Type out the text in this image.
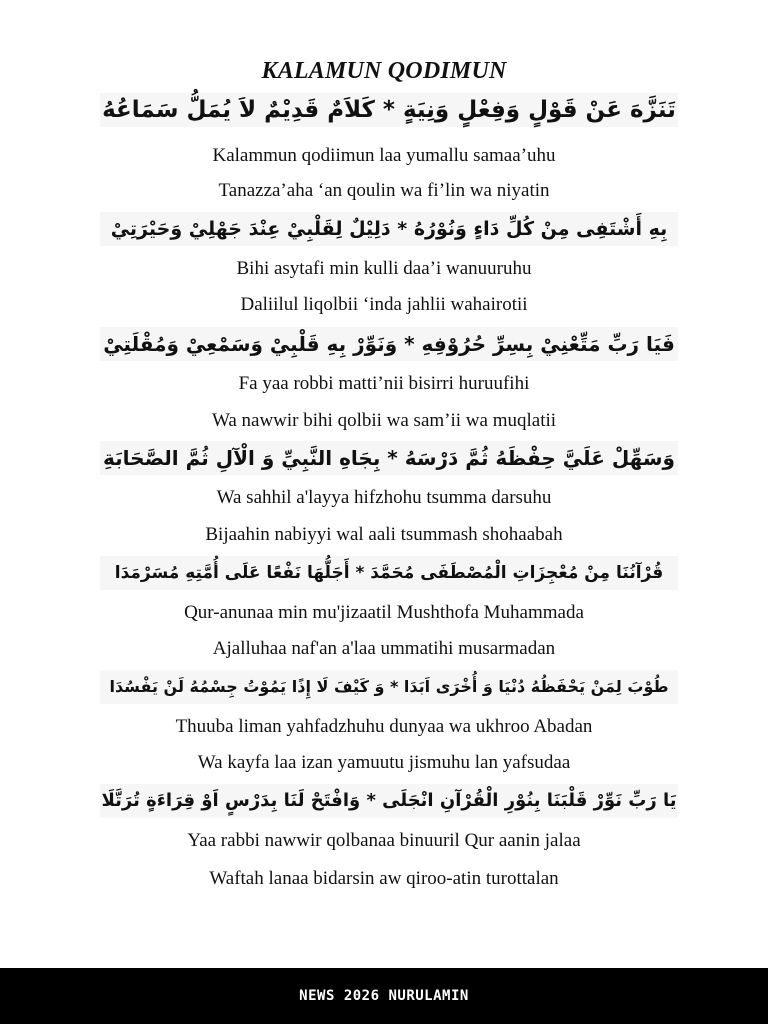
KALAMUN QODIMUN
تَنَزَّهَ عَنْ قَوْلٍ وَفِعْلٍ وَنِيَةٍ * كَلاَمٌ قَدِيْمٌ لاَ يُمَلُّ سَمَاعُهُ
Kalammun qodiimun laa yumallu samaa’uhu
Tanazza’aha ‘an qoulin wa fi’lin wa niyatin
بِهِ أَشْتَفِى مِنْ كُلِّ دَاءٍ وَنُوْرُهُ * دَلِيْلٌ لِقَلْبِيْ عِنْدَ جَهْلِيْ وَحَيْرَتِيْ
Bihi asytafi min kulli daa’i wanuuruhu
Daliilul liqolbii ‘inda jahlii wahairotii
فَيَا رَبِّ مَتِّعْنِيْ بِسِرِّ حُرُوْفِهِ * وَنَوِّرْ بِهِ قَلْبِيْ وَسَمْعِيْ وَمُقْلَتِيْ
Fa yaa robbi matti’nii bisirri huruufihi
Wa nawwir bihi qolbii wa sam’ii wa muqlatii
وَسَهِّلْ عَلَيَّ حِفْظَهُ ثُمَّ دَرْسَهُ * بِجَاهِ النَّبِيِّ وَ الْآلِ ثُمَّ الصَّحَابَةِ
Wa sahhil a'layya hifzhohu tsumma darsuhu
Bijaahin nabiyyi wal aali tsummash shohaabah
قُرْآنُنَا مِنْ مُعْجِزَاتِ الْمُصْطَفَى مُحَمَّدَ * أَجَلُّهَا نَفْعًا عَلَى أُمَّتِهِ مُسَرْمَدَا
Qur-anunaa min mu'jizaatil Mushthofa Muhammada
Ajalluhaa naf'an a'laa ummatihi musarmadan
طُوْبَ لِمَنْ يَحْفَظُهُ دُنْيَا وَ أُخْرَى اَبَدَا * وَ كَيْفَ لَا إِذًا يَمُوْتُ جِسْمُهُ لَنْ يَفْسُدَا
Thuuba liman yahfadzhuhu dunyaa wa ukhroo Abadan
Wa kayfa laa izan yamuutu jismuhu lan yafsudaa
يَا رَبِّ نَوِّرْ قَلْبَنَا بِنُوْرِ الْقُرْآنِ انْجَلَى * وَافْتَحْ لَنَا بِدَرْسٍ اَوْ قِرَاءَةٍ تُرَتَّلَا
Yaa rabbi nawwir qolbanaa binuuril Qur aanin jalaa
Waftah lanaa bidarsin aw qiroo-atin turottalan
NEWS 2026 NURULAMIN
